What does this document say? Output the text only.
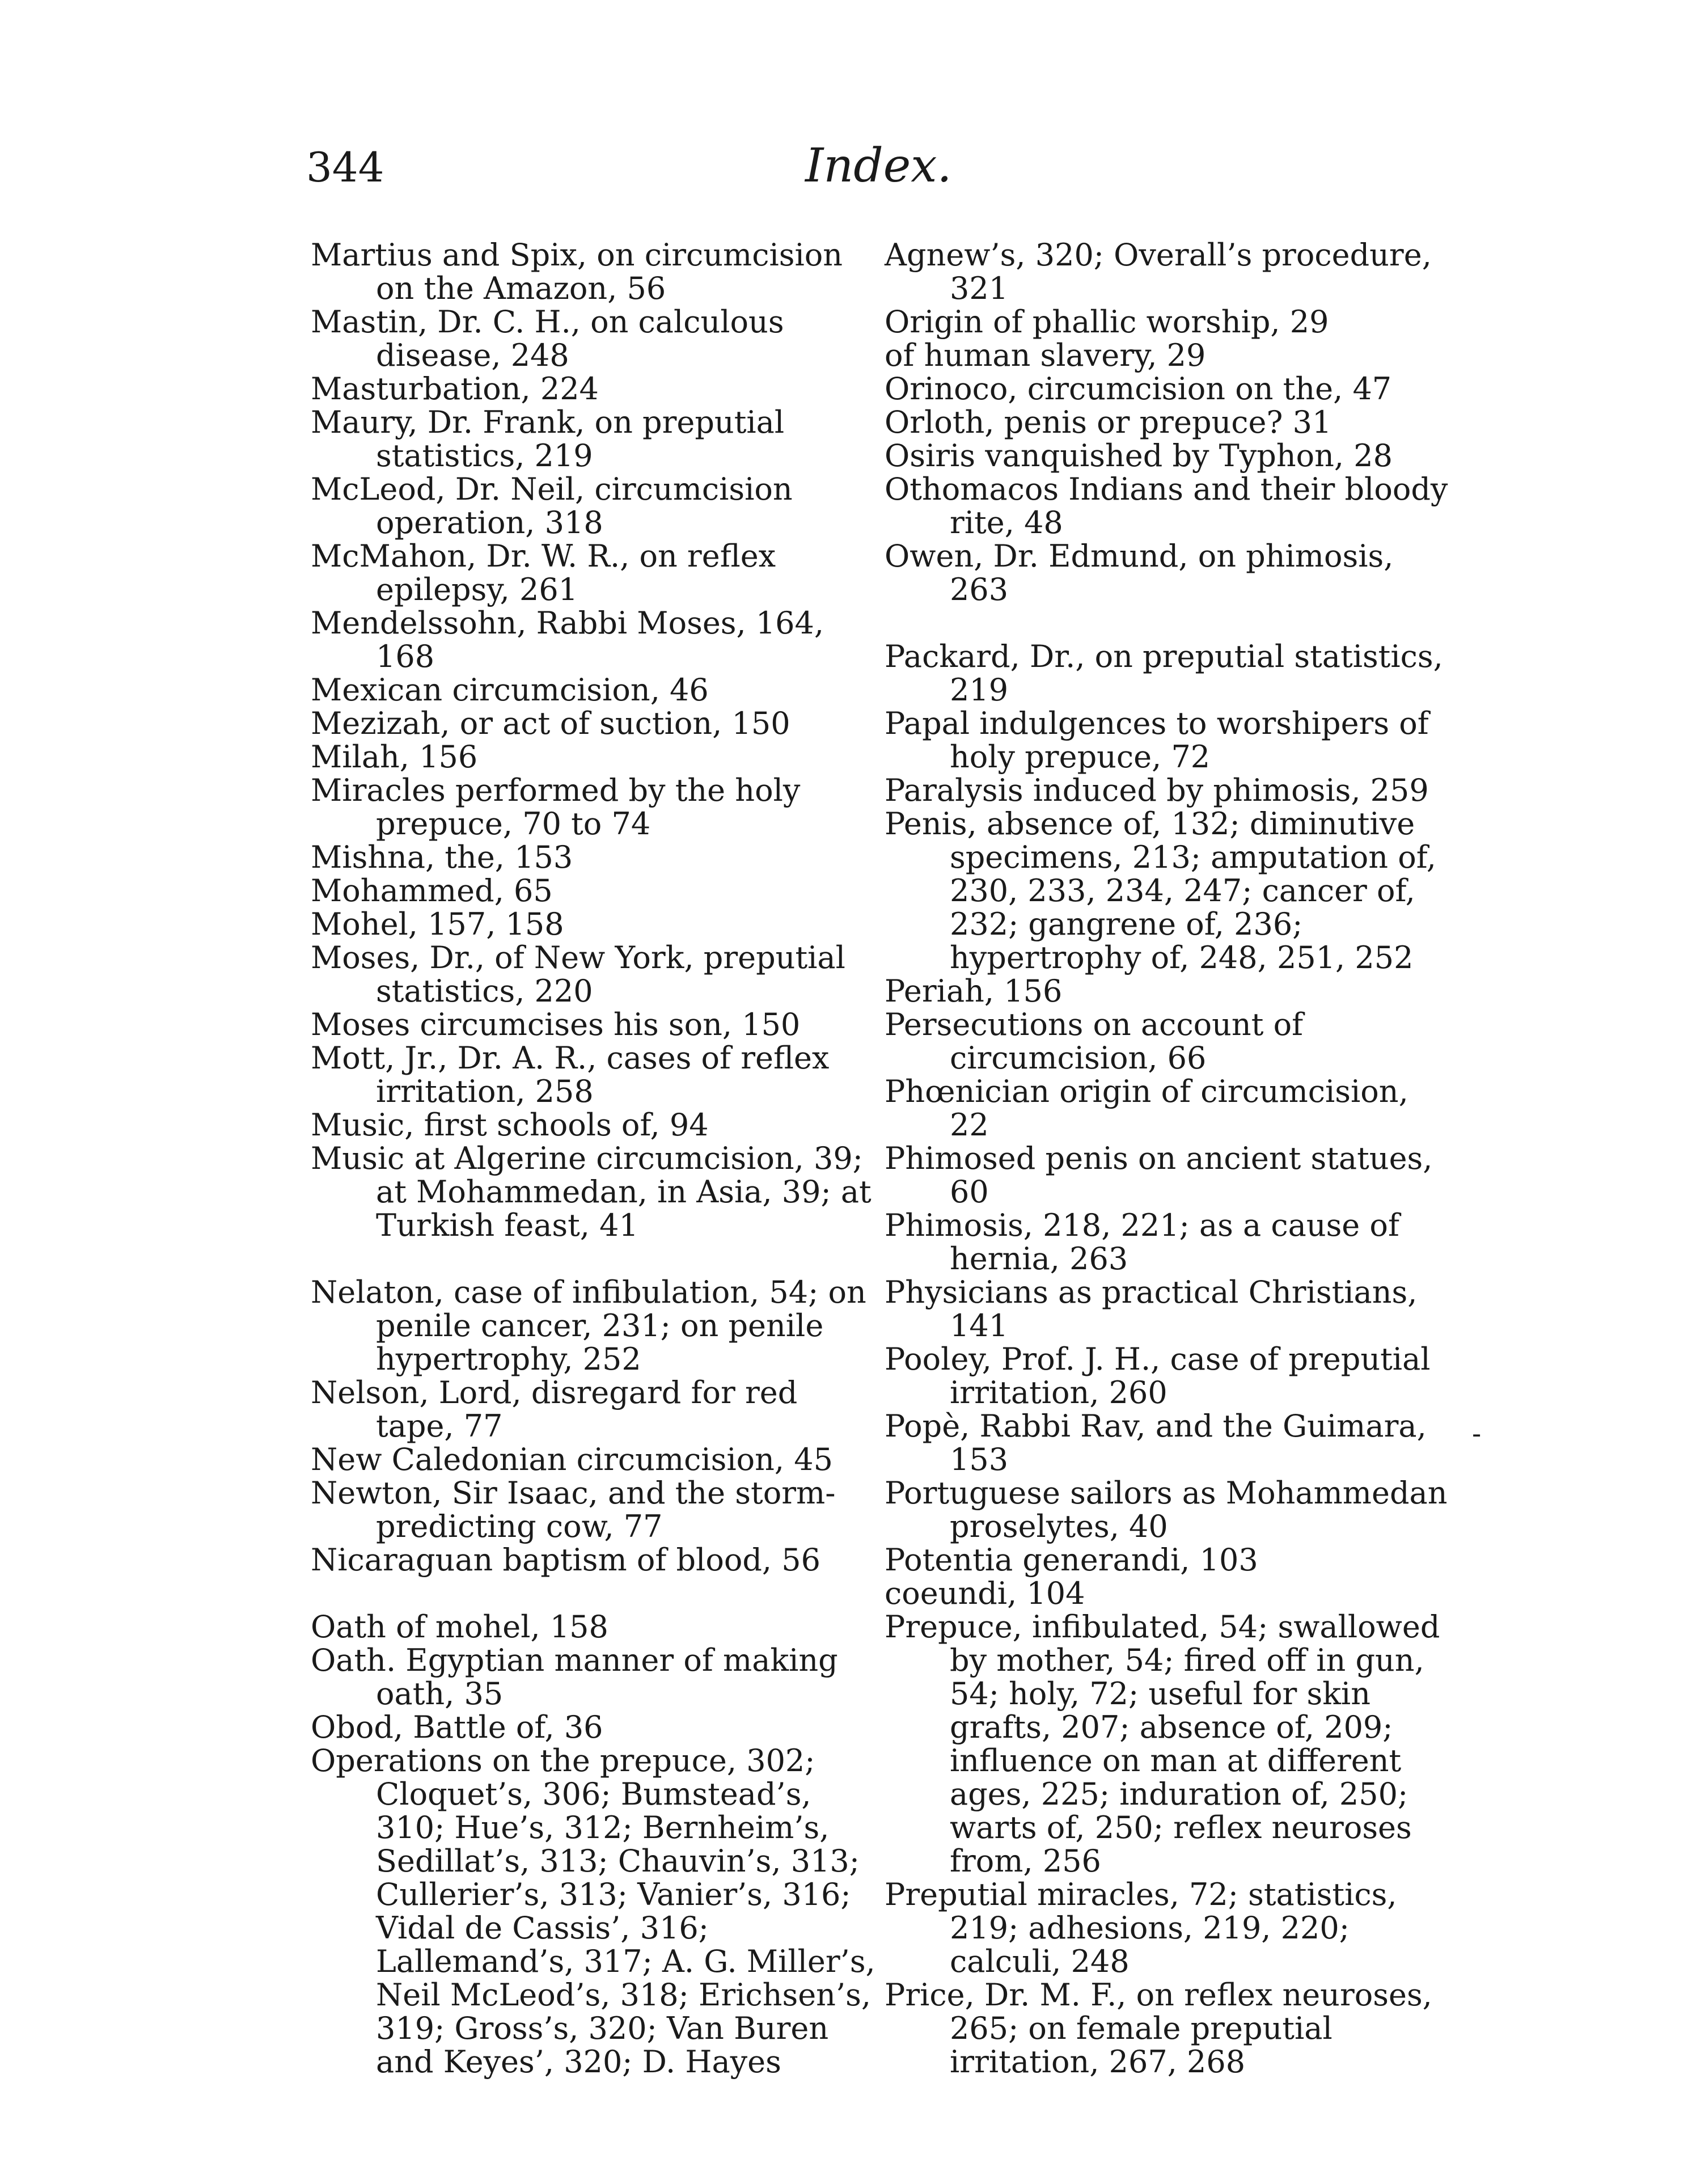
344	Index.

Martius and Spix, on circumcision on the Amazon, 56

Mastin, Dr. C. H., on calculous disease, 248

Masturbation, 224

Maury, Dr. Frank, on preputial statistics, 219

McLeod, Dr. Neil, circumcision operation, 318

McMahon, Dr. W. R., on reflex epilepsy, 261

Mendelssohn, Rabbi Moses, 164, 168

Mexican circumcision, 46

Mezizah, or act of suction, 150

Milah, 156

Miracles performed by the holy prepuce, 70 to 74

Mishna, the, 153

Mohammed, 65

Mohel, 157, 158

Moses, Dr., of New York, preputial statistics, 220

Moses circumcises his son, 150

Mott, Jr., Dr. A. R., cases of reflex irritation, 258

Music, first schools of, 94

Music at Algerine circumcision, 39; at Mohammedan, in Asia, 39; at Turkish feast, 41

Nelaton, case of infibulation, 54; on penile cancer, 231; on penile hypertrophy, 252

Nelson, Lord, disregard for red tape, 77

New Caledonian circumcision, 45

Newton, Sir Isaac, and the storm-predicting cow, 77

Nicaraguan baptism of blood, 56

Oath of mohel, 158

Oath. Egyptian manner of making oath, 35

Obod, Battle of, 36

Operations on the prepuce, 302; Cloquet’s, 306; Bumstead’s, 310; Hue’s, 312; Bernheim’s, Sedillat’s, 313; Chauvin’s, 313; Cullerier’s, 313; Vanier’s, 316; Vidal de Cassis’, 316; Lallemand’s, 317; A. G. Miller’s, Neil McLeod’s, 318; Erichsen’s, 319; Gross’s, 320; Van Buren and Keyes’, 320; D. Hayes

Agnew’s, 320; Overall’s procedure, 321

Origin of phallic worship, 29

of human slavery, 29

Orinoco, circumcision on the, 47

Orloth, penis or prepuce? 31

Osiris vanquished by Typhon, 28

Othomacos Indians and their bloody rite, 48

Owen, Dr. Edmund, on phimosis, 263

Packard, Dr., on preputial statistics, 219

Papal indulgences to worshipers of holy prepuce, 72

Paralysis induced by phimosis, 259

Penis, absence of, 132; diminutive specimens, 213; amputation of, 230, 233, 234, 247; cancer of, 232; gangrene of, 236; hypertrophy of, 248, 251, 252

Periah, 156

Persecutions on account of circumcision, 66

Phœnician origin of circumcision, 22

Phimosed penis on ancient statues, 60

Phimosis, 218, 221; as a cause of hernia, 263

Physicians as practical Christians, 141

Pooley, Prof. J. H., case of preputial irritation, 260

Popè, Rabbi Rav, and the Guimara, 153

Portuguese sailors as Mohammedan proselytes, 40

Potentia generandi, 103

coeundi, 104

Prepuce, infibulated, 54; swallowed by mother, 54; fired off in gun, 54; holy, 72; useful for skin grafts, 207; absence of, 209; influence on man at different ages, 225; induration of, 250; warts of, 250; reflex neuroses from, 256

Preputial miracles, 72; statistics, 219; adhesions, 219, 220; calculi, 248

Price, Dr. M. F., on reflex neuroses, 265; on female preputial irritation, 267, 268

-
